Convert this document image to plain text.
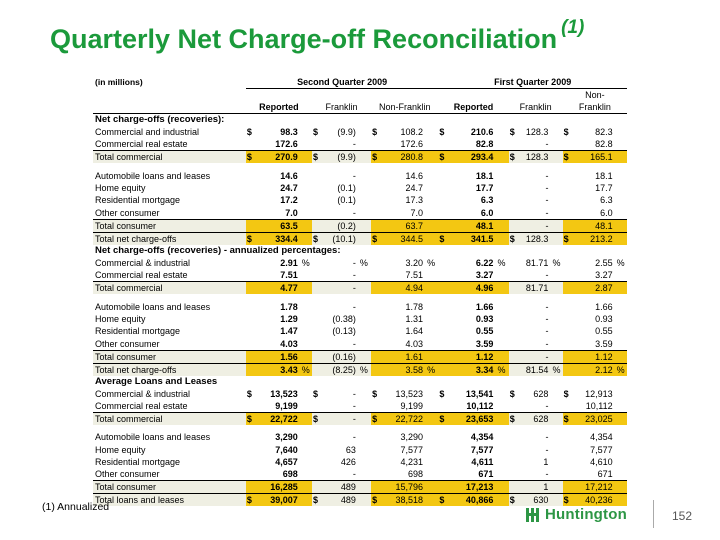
Quarterly Net Charge-off Reconciliation $^{(1)}$
(in millions)	Second Quarter 2009									First Quarter 2009								
																Non-		
	Reported			Franklin			Non-Franklin			Reported			Franklin			Franklin		
Net charge-offs (recoveries):																		
Commercial and industrial	$	98.3		$	(9.9)		$	108.2		$	210.6		$	128.3		$	82.3	
Commercial real estate		172.6			-			172.6			82.8			-			82.8	
Total commercial	$	270.9		$	(9.9)		$	280.8		$	293.4		$	128.3		$	165.1	

Automobile loans and leases		14.6			-			14.6			18.1			-			18.1	
Home equity		24.7			(0.1)			24.7			17.7			-			17.7	
Residential mortgage		17.2			(0.1)			17.3			6.3			-			6.3	
Other consumer		7.0			-			7.0			6.0			-			6.0	
Total consumer		63.5			(0.2)			63.7			48.1			-			48.1	
Total net charge-offs	$	334.4		$	(10.1)		$	344.5		$	341.5		$	128.3		$	213.2	
Net charge-offs (recoveries) - annualized percentages:																		
Commercial & industrial		2.91	%		-	%		3.20	%		6.22	%		81.71	%		2.55	%
Commercial real estate		7.51			-			7.51			3.27			-			3.27	
Total commercial		4.77			-			4.94			4.96			81.71			2.87	

Automobile loans and leases		1.78			-			1.78			1.66			-			1.66	
Home equity		1.29			(0.38)			1.31			0.93			-			0.93	
Residential mortgage		1.47			(0.13)			1.64			0.55			-			0.55	
Other consumer		4.03			-			4.03			3.59			-			3.59	
Total consumer		1.56			(0.16)			1.61			1.12			-			1.12	
Total net charge-offs		3.43	%		(8.25)	%		3.58	%		3.34	%		81.54	%		2.12	%
Average Loans and Leases																		
Commercial & industrial	$	13,523		$	-		$	13,523		$	13,541		$	628		$	12,913	
Commercial real estate		9,199			-			9,199			10,112			-			10,112	
Total commercial	$	22,722		$	-		$	22,722		$	23,653		$	628		$	23,025	

Automobile loans and leases		3,290			-			3,290			4,354			-			4,354	
Home equity		7,640			63			7,577			7,577			-			7,577	
Residential mortgage		4,657			426			4,231			4,611			1			4,610	
Other consumer		698			-			698			671			-			671	
Total consumer		16,285			489			15,796			17,213			1			17,212	
Total loans and leases	$	39,007		$	489		$	38,518		$	40,866		$	630		$	40,236	
(1) Annualized	Huntington	152
